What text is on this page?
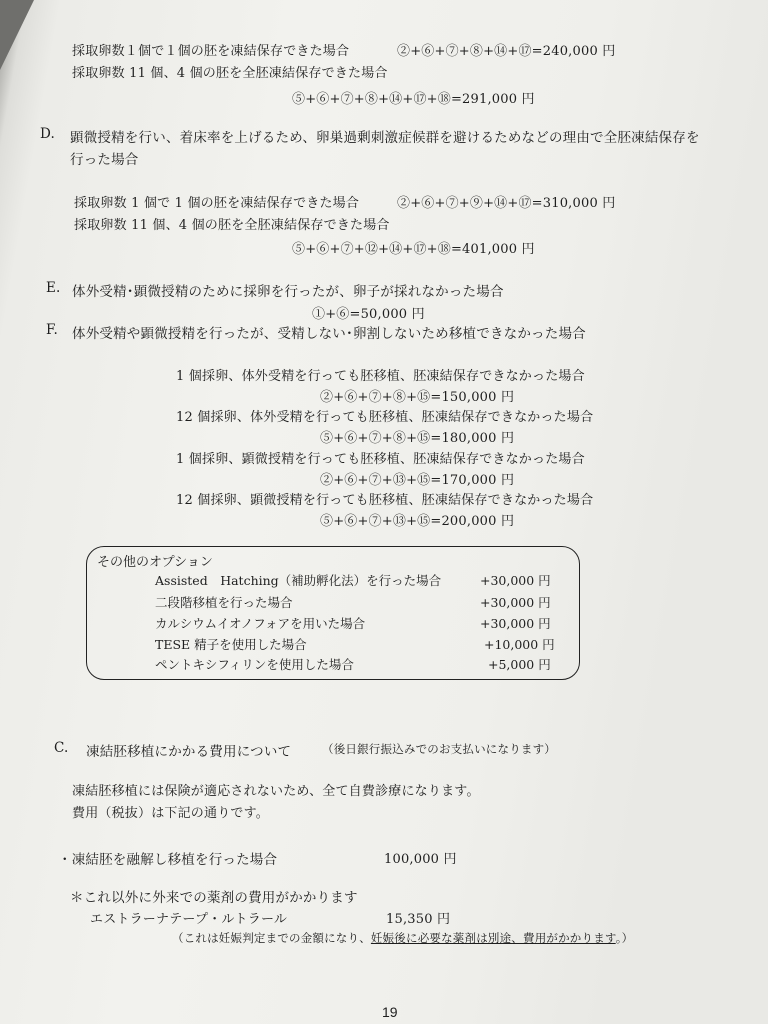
採取卵数１個で１個の胚を凍結保存できた場合	②+⑥+⑦+⑧+⑭+⑰=240,000 円
採取卵数 11 個、4 個の胚を全胚凍結保存できた場合
⑤+⑥+⑦+⑧+⑭+⑰+⑱=291,000 円
D. 顕微授精を行い、着床率を上げるため、卵巣過剰刺激症候群を避けるためなどの理由で全胚凍結保存を
行った場合
採取卵数 1 個で 1 個の胚を凍結保存できた場合	②+⑥+⑦+⑨+⑭+⑰=310,000 円
採取卵数 11 個、4 個の胚を全胚凍結保存できた場合
⑤+⑥+⑦+⑫+⑭+⑰+⑱=401,000 円
E. 体外受精･顕微授精のために採卵を行ったが、卵子が採れなかった場合
①+⑥=50,000 円
F. 体外受精や顕微授精を行ったが、受精しない･卵割しないため移植できなかった場合
1 個採卵、体外受精を行っても胚移植、胚凍結保存できなかった場合
②+⑥+⑦+⑧+⑮=150,000 円
12 個採卵、体外受精を行っても胚移植、胚凍結保存できなかった場合
⑤+⑥+⑦+⑧+⑮=180,000 円
1 個採卵、顕微授精を行っても胚移植、胚凍結保存できなかった場合
②+⑥+⑦+⑬+⑮=170,000 円
12 個採卵、顕微授精を行っても胚移植、胚凍結保存できなかった場合
⑤+⑥+⑦+⑬+⑮=200,000 円
その他のオプション
Assisted　Hatching（補助孵化法）を行った場合	+30,000 円
二段階移植を行った場合	+30,000 円
カルシウムイオノフォアを用いた場合	+30,000 円
TESE 精子を使用した場合	+10,000 円
ペントキシフィリンを使用した場合	+5,000 円
C. 凍結胚移植にかかる費用について	（後日銀行振込みでのお支払いになります）
凍結胚移植には保険が適応されないため、全て自費診療になります。
費用（税抜）は下記の通りです。
・凍結胚を融解し移植を行った場合	100,000 円
＊これ以外に外来での薬剤の費用がかかります
エストラーナテープ・ルトラール	15,350 円
（これは妊娠判定までの金額になり、妊娠後に必要な薬剤は別途、費用がかかります。）
19
